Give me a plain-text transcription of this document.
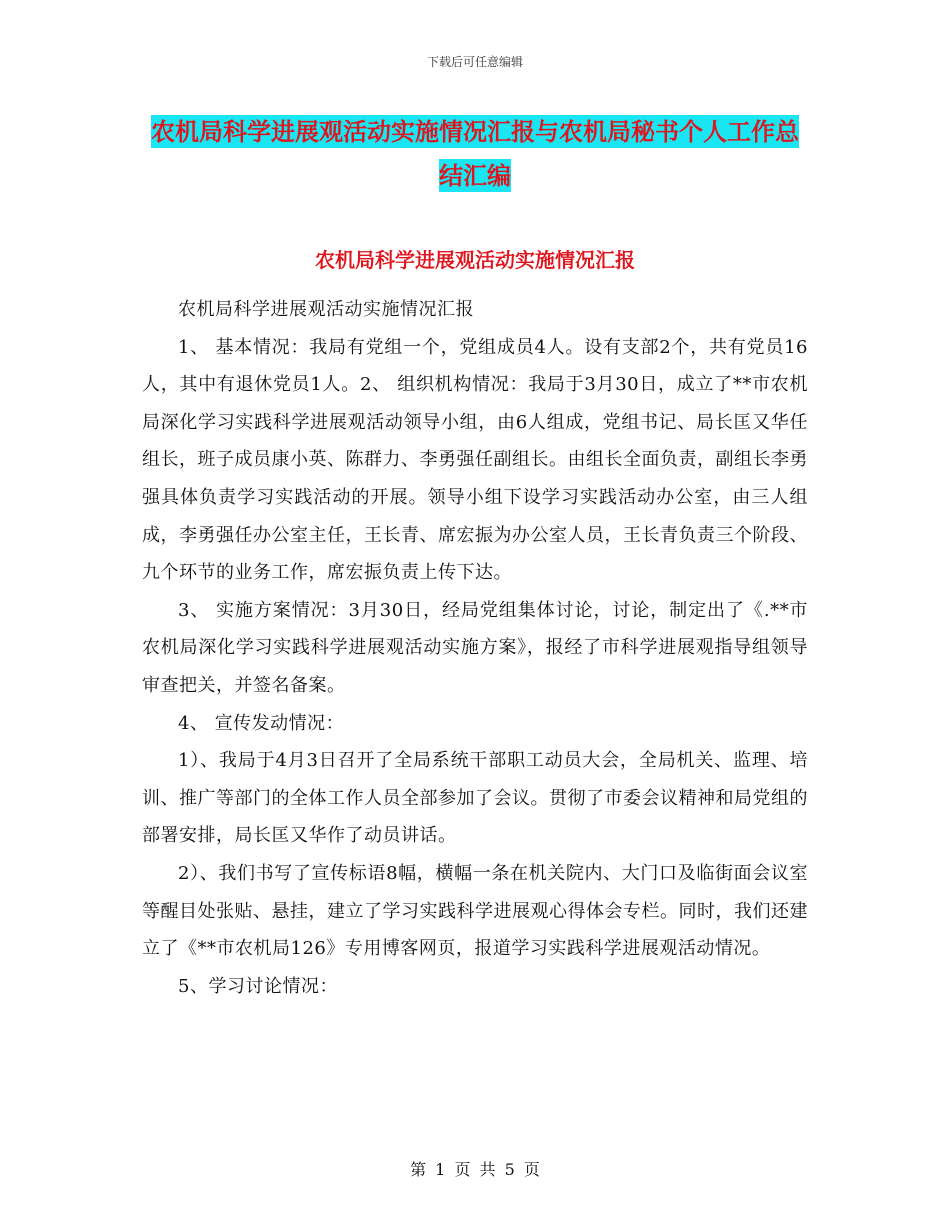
下载后可任意编辑
农机局科学进展观活动实施情况汇报与农机局秘书个人工作总结汇编
农机局科学进展观活动实施情况汇报

农机局科学进展观活动实施情况汇报

1、 基本情况：我局有党组一个，党组成员4人。设有支部2个，共有党员16人，其中有退休党员1人。2、 组织机构情况：我局于3月30日，成立了**市农机局深化学习实践科学进展观活动领导小组，由6人组成，党组书记、局长匡又华任组长，班子成员康小英、陈群力、李勇强任副组长。由组长全面负责，副组长李勇强具体负责学习实践活动的开展。领导小组下设学习实践活动办公室，由三人组成，李勇强任办公室主任，王长青、席宏振为办公室人员，王长青负责三个阶段、九个环节的业务工作，席宏振负责上传下达。

3、 实施方案情况：3月30日，经局党组集体讨论，讨论，制定出了《.**市农机局深化学习实践科学进展观活动实施方案》，报经了市科学进展观指导组领导审查把关，并签名备案。

4、 宣传发动情况：

1）、我局于4月3日召开了全局系统干部职工动员大会，全局机关、监理、培训、推广等部门的全体工作人员全部参加了会议。贯彻了市委会议精神和局党组的部署安排，局长匡又华作了动员讲话。

2）、我们书写了宣传标语8幅，横幅一条在机关院内、大门口及临街面会议室等醒目处张贴、悬挂，建立了学习实践科学进展观心得体会专栏。同时，我们还建立了《**市农机局126》专用博客网页，报道学习实践科学进展观活动情况。

5、学习讨论情况：

第 1 页 共 5 页
